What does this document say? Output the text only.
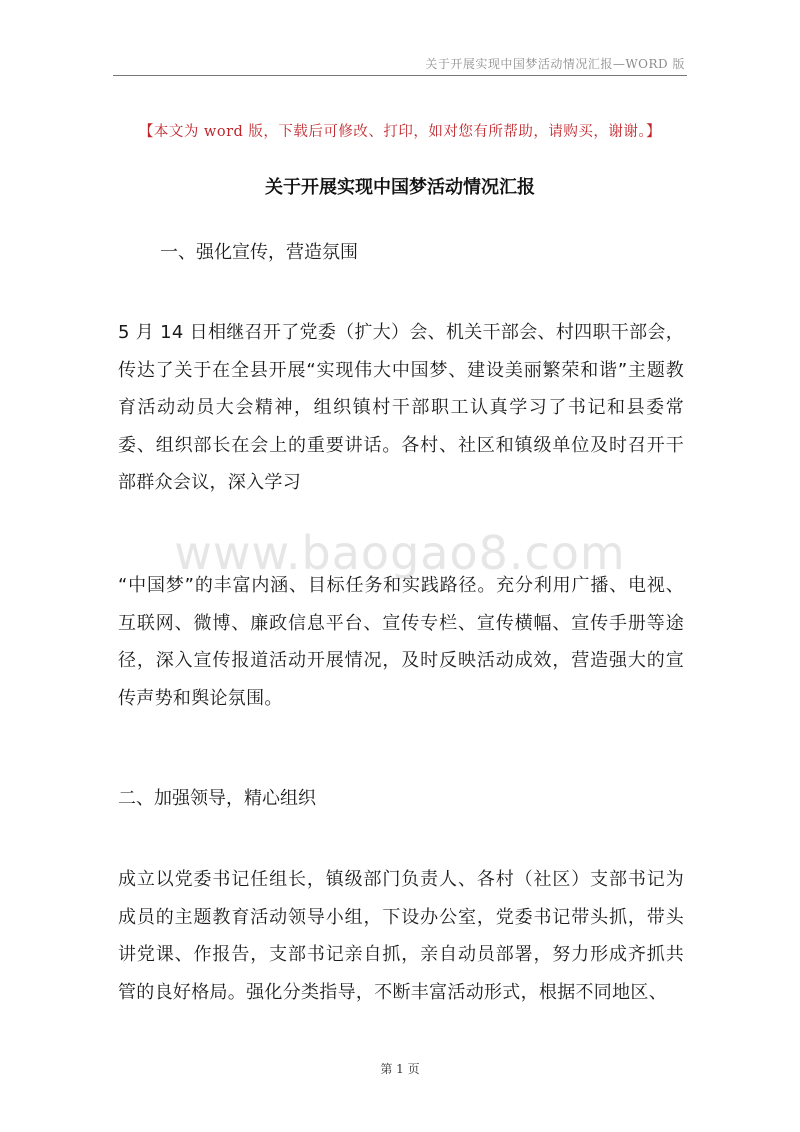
关于开展实现中国梦活动情况汇报—WORD 版
【本文为 word 版，下载后可修改、打印，如对您有所帮助，请购买，谢谢。】
关于开展实现中国梦活动情况汇报
一、强化宣传，营造氛围
5 月 14 日相继召开了党委（扩大）会、机关干部会、村四职干部会，传达了关于在全县开展“实现伟大中国梦、建设美丽繁荣和谐”主题教育活动动员大会精神，组织镇村干部职工认真学习了书记和县委常委、组织部长在会上的重要讲话。各村、社区和镇级单位及时召开干部群众会议，深入学习
www.baogao8.com
“中国梦”的丰富内涵、目标任务和实践路径。充分利用广播、电视、互联网、微博、廉政信息平台、宣传专栏、宣传横幅、宣传手册等途径，深入宣传报道活动开展情况，及时反映活动成效，营造强大的宣传声势和舆论氛围。
二、加强领导，精心组织
成立以党委书记任组长，镇级部门负责人、各村（社区）支部书记为成员的主题教育活动领导小组，下设办公室，党委书记带头抓，带头讲党课、作报告，支部书记亲自抓，亲自动员部署，努力形成齐抓共管的良好格局。强化分类指导，不断丰富活动形式，根据不同地区、
第 1 页
